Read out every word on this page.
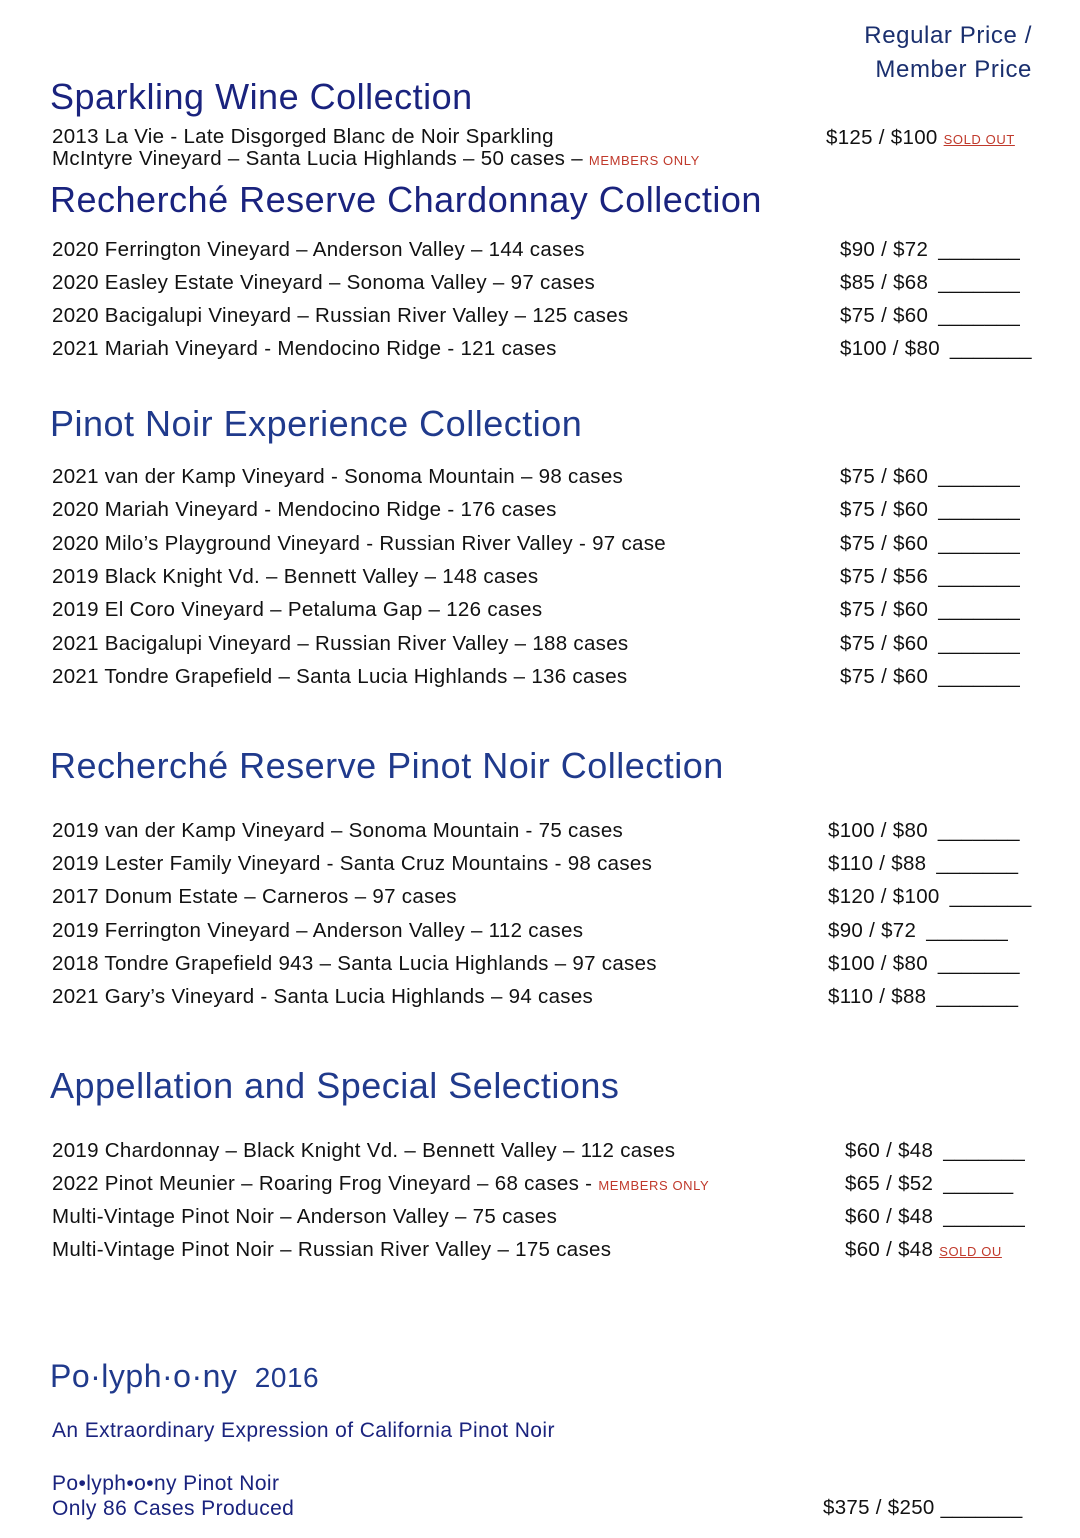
Regular Price /
Member Price
Sparkling Wine Collection
2013 La Vie - Late Disgorged Blanc de Noir Sparkling
McIntyre Vineyard – Santa Lucia Highlands – 50 cases – MEMBERS ONLY
$125 / $100 SOLD OUT
Recherché Reserve Chardonnay Collection
2020 Ferrington Vineyard – Anderson Valley – 144 cases	$90 / $72 _______
2020 Easley Estate Vineyard – Sonoma Valley – 97 cases	$85 / $68 _______
2020 Bacigalupi Vineyard – Russian River Valley – 125 cases	$75 / $60 _______
2021 Mariah Vineyard - Mendocino Ridge - 121 cases	$100 / $80 _______
Pinot Noir Experience Collection
2021 van der Kamp Vineyard - Sonoma Mountain – 98 cases	$75 / $60 _______
2020 Mariah Vineyard - Mendocino Ridge - 176 cases	$75 / $60 _______
2020 Milo’s Playground Vineyard - Russian River Valley - 97 case	$75 / $60 _______
2019 Black Knight Vd. – Bennett Valley – 148 cases	$75 / $56 _______
2019 El Coro Vineyard – Petaluma Gap – 126 cases	$75 / $60 _______
2021 Bacigalupi Vineyard – Russian River Valley – 188 cases	$75 / $60 _______
2021 Tondre Grapefield – Santa Lucia Highlands – 136 cases	$75 / $60 _______
Recherché Reserve Pinot Noir Collection
2019 van der Kamp Vineyard – Sonoma Mountain - 75 cases	$100 / $80 _______
2019 Lester Family Vineyard - Santa Cruz Mountains - 98 cases	$110 / $88 _______
2017 Donum Estate – Carneros – 97 cases	$120 / $100 _______
2019 Ferrington Vineyard – Anderson Valley – 112 cases	$90 / $72 _______
2018 Tondre Grapefield 943 – Santa Lucia Highlands – 97 cases	$100 / $80 _______
2021 Gary’s Vineyard - Santa Lucia Highlands – 94 cases	$110 / $88 _______
Appellation and Special Selections
2019 Chardonnay – Black Knight Vd. – Bennett Valley – 112 cases	$60 / $48 _______
2022 Pinot Meunier – Roaring Frog Vineyard – 68 cases - MEMBERS ONLY	$65 / $52 ______
Multi-Vintage Pinot Noir – Anderson Valley – 75 cases	$60 / $48 _______
Multi-Vintage Pinot Noir – Russian River Valley – 175 cases	$60 / $48 SOLD OU
Po·lyph·o·ny 2016
An Extraordinary Expression of California Pinot Noir
Po•lyph•o•ny Pinot Noir
Only 86 Cases Produced	$375 / $250 _______
